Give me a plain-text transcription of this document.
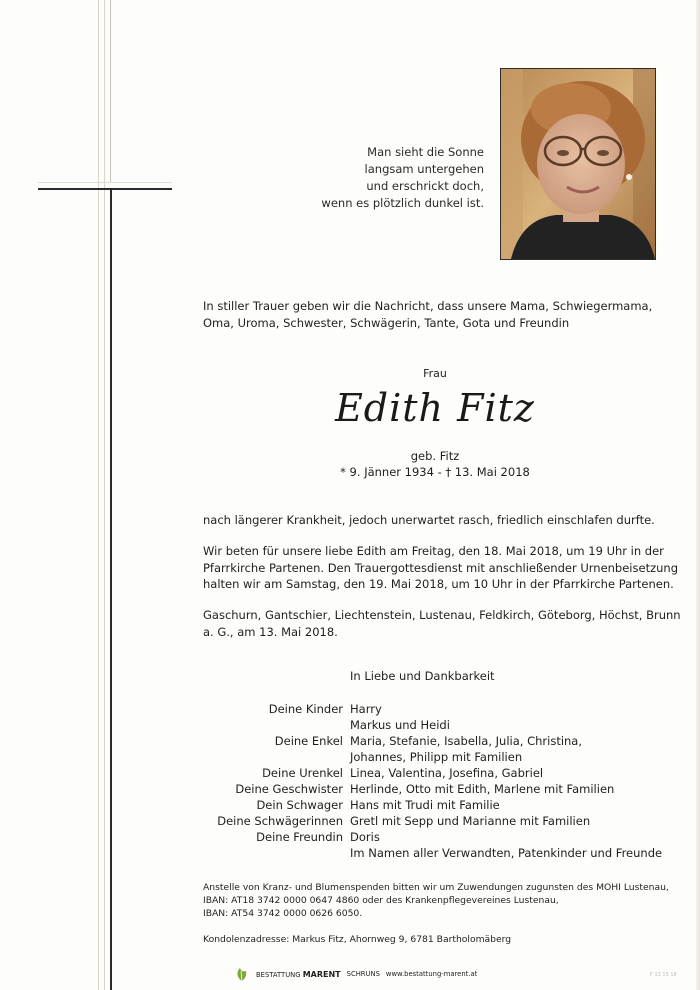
Man sieht die Sonne
langsam untergehen
und erschrickt doch,
wenn es plötzlich dunkel ist.
In stiller Trauer geben wir die Nachricht, dass unsere Mama, Schwiegermama, Oma, Uroma, Schwester, Schwägerin, Tante, Gota und Freundin
Frau
Edith Fitz
geb. Fitz
* 9. Jänner 1934 - † 13. Mai 2018
nach längerer Krankheit, jedoch unerwartet rasch, friedlich einschlafen durfte.
Wir beten für unsere liebe Edith am Freitag, den 18. Mai 2018, um 19 Uhr in der Pfarrkirche Partenen. Den Trauergottesdienst mit anschließender Urnenbeisetzung halten wir am Samstag, den 19. Mai 2018, um 10 Uhr in der Pfarrkirche Partenen.
Gaschurn, Gantschier, Liechtenstein, Lustenau, Feldkirch, Göteborg, Höchst, Brunn a. G., am 13. Mai 2018.
In Liebe und Dankbarkeit
Deine Kinder Harry
Markus und Heidi
Deine Enkel Maria, Stefanie, Isabella, Julia, Christina,
Johannes, Philipp mit Familien
Deine Urenkel Linea, Valentina, Josefina, Gabriel
Deine Geschwister Herlinde, Otto mit Edith, Marlene mit Familien
Dein Schwager Hans mit Trudi mit Familie
Deine Schwägerinnen Gretl mit Sepp und Marianne mit Familien
Deine Freundin Doris
Im Namen aller Verwandten, Patenkinder und Freunde
Anstelle von Kranz- und Blumenspenden bitten wir um Zuwendungen zugunsten des MOHI Lustenau,
IBAN: AT18 3742 0000 0647 4860 oder des Krankenpflegevereines Lustenau,
IBAN: AT54 3742 0000 0626 6050.
Kondolenzadresse: Markus Fitz, Ahornweg 9, 6781 Bartholomäberg
BESTATTUNG MARENT SCHRUNS www.bestattung-marent.at	F 13 15 18
